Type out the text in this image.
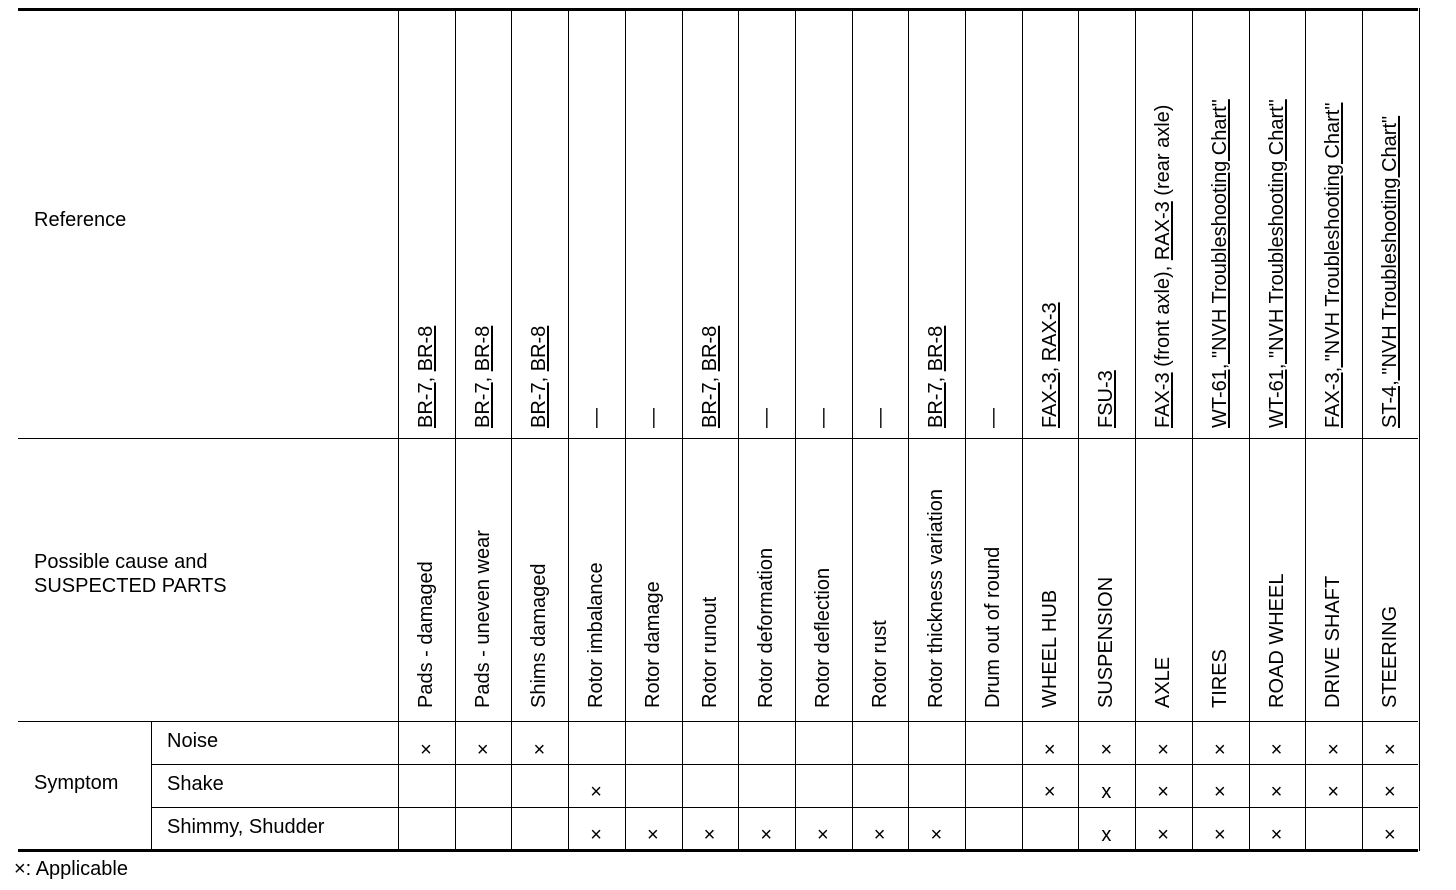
Reference
Possible cause and
SUSPECTED PARTS
Symptom
Noise
Shake
Shimmy, Shudder
Pads - damaged
BR-7, BR-8
×
Pads - uneven wear
BR-7, BR-8
×
Shims damaged
BR-7, BR-8
×
Rotor imbalance
—
×
×
Rotor damage
—
×
Rotor runout
BR-7, BR-8
×
Rotor deformation
—
×
Rotor deflection
—
×
Rotor rust
—
×
Rotor thickness variation
BR-7, BR-8
×
Drum out of round
—
WHEEL HUB
FAX-3, RAX-3
×
×
SUSPENSION
FSU-3
×
x
x
AXLE
FAX-3 (front axle), RAX-3 (rear axle)
×
×
×
TIRES
WT-61, "NVH Troubleshooting Chart"
×
×
×
ROAD WHEEL
WT-61, "NVH Troubleshooting Chart"
×
×
×
DRIVE SHAFT
FAX-3, "NVH Troubleshooting Chart"
×
×
STEERING
ST-4, "NVH Troubleshooting Chart"
×
×
×
×: Applicable
